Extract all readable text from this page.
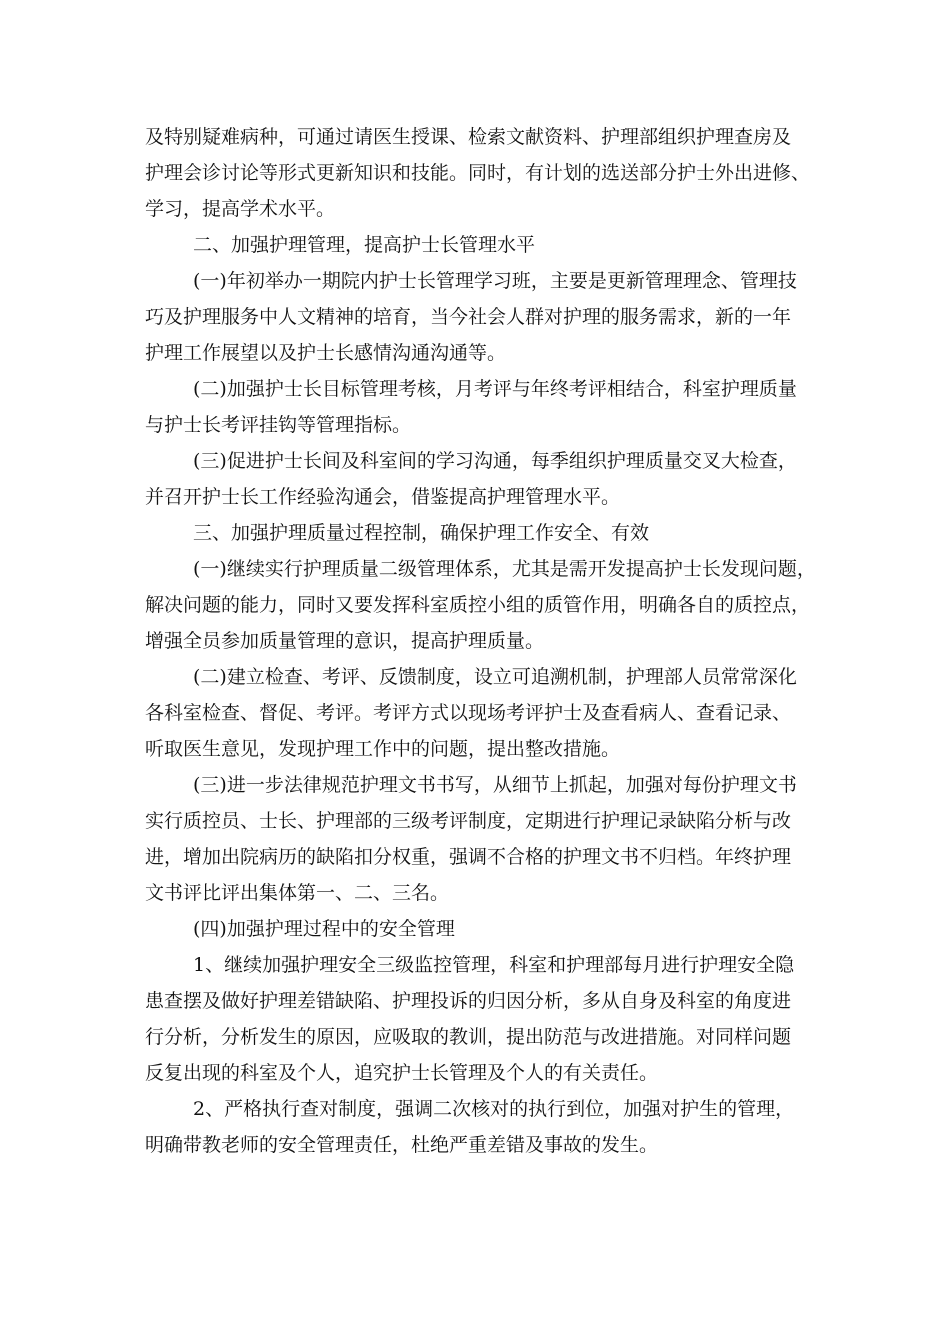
及特别疑难病种，可通过请医生授课、检索文献资料、护理部组织护理查房及

护理会诊讨论等形式更新知识和技能。同时，有计划的选送部分护士外出进修、

学习，提高学术水平。

二、加强护理管理，提高护士长管理水平

(一)年初举办一期院内护士长管理学习班，主要是更新管理理念、管理技

巧及护理服务中人文精神的培育，当今社会人群对护理的服务需求，新的一年

护理工作展望以及护士长感情沟通沟通等。

(二)加强护士长目标管理考核，月考评与年终考评相结合，科室护理质量

与护士长考评挂钩等管理指标。

(三)促进护士长间及科室间的学习沟通，每季组织护理质量交叉大检查，

并召开护士长工作经验沟通会，借鉴提高护理管理水平。

三、加强护理质量过程控制，确保护理工作安全、有效

(一)继续实行护理质量二级管理体系，尤其是需开发提高护士长发现问题，

解决问题的能力，同时又要发挥科室质控小组的质管作用，明确各自的质控点，

增强全员参加质量管理的意识，提高护理质量。

(二)建立检查、考评、反馈制度，设立可追溯机制，护理部人员常常深化

各科室检查、督促、考评。考评方式以现场考评护士及查看病人、查看记录、

听取医生意见，发现护理工作中的问题，提出整改措施。

(三)进一步法律规范护理文书书写，从细节上抓起，加强对每份护理文书

实行质控员、士长、护理部的三级考评制度，定期进行护理记录缺陷分析与改

进，增加出院病历的缺陷扣分权重，强调不合格的护理文书不归档。年终护理

文书评比评出集体第一、二、三名。

(四)加强护理过程中的安全管理

1、继续加强护理安全三级监控管理，科室和护理部每月进行护理安全隐

患查摆及做好护理差错缺陷、护理投诉的归因分析，多从自身及科室的角度进

行分析，分析发生的原因，应吸取的教训，提出防范与改进措施。对同样问题

反复出现的科室及个人，追究护士长管理及个人的有关责任。

2、严格执行查对制度，强调二次核对的执行到位，加强对护生的管理，

明确带教老师的安全管理责任，杜绝严重差错及事故的发生。
